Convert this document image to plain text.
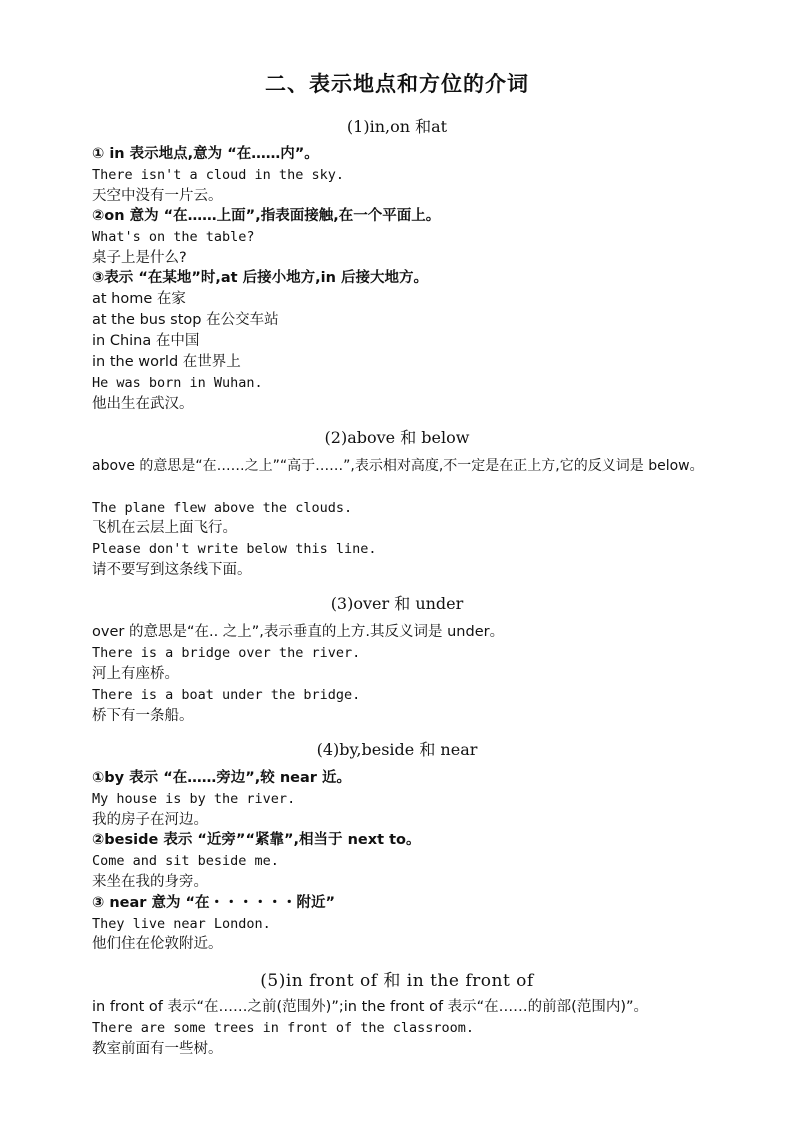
二、表示地点和方位的介词
(1)in,on 和at
① in 表示地点,意为 “在……内”。
There isn't a cloud in the sky.
天空中没有一片云。
②on 意为 “在……上面”,指表面接触,在一个平面上。
What's on the table?
桌子上是什么?
③表示 “在某地”时,at 后接小地方,in 后接大地方。
at home 在家
at the bus stop 在公交车站
in China 在中国
in the world 在世界上
He was born in Wuhan.
他出生在武汉。
(2)above 和 below
above 的意思是“在……之上”“高于……”,表示相对高度,不一定是在正上方,它的反义词是 below。
The plane flew above the clouds.
飞机在云层上面飞行。
Please don't write below this line.
请不要写到这条线下面。
(3)over 和 under
over 的意思是“在.. 之上”,表示垂直的上方.其反义词是 under。
There is a bridge over the river.
河上有座桥。
There is a boat under the bridge.
桥下有一条船。
(4)by,beside 和 near
①by 表示 “在……旁边”,较 near 近。
My house is by the river.
我的房子在河边。
②beside 表示 “近旁”“紧靠”,相当于 next to。
Come and sit beside me.
来坐在我的身旁。
③ near 意为 “在・・・・・・附近”
They live near London.
他们住在伦敦附近。
(5)in front of 和 in the front of
in front of 表示“在……之前(范围外)”;in the front of 表示“在……的前部(范围内)”。
There are some trees in front of the classroom.
教室前面有一些树。
